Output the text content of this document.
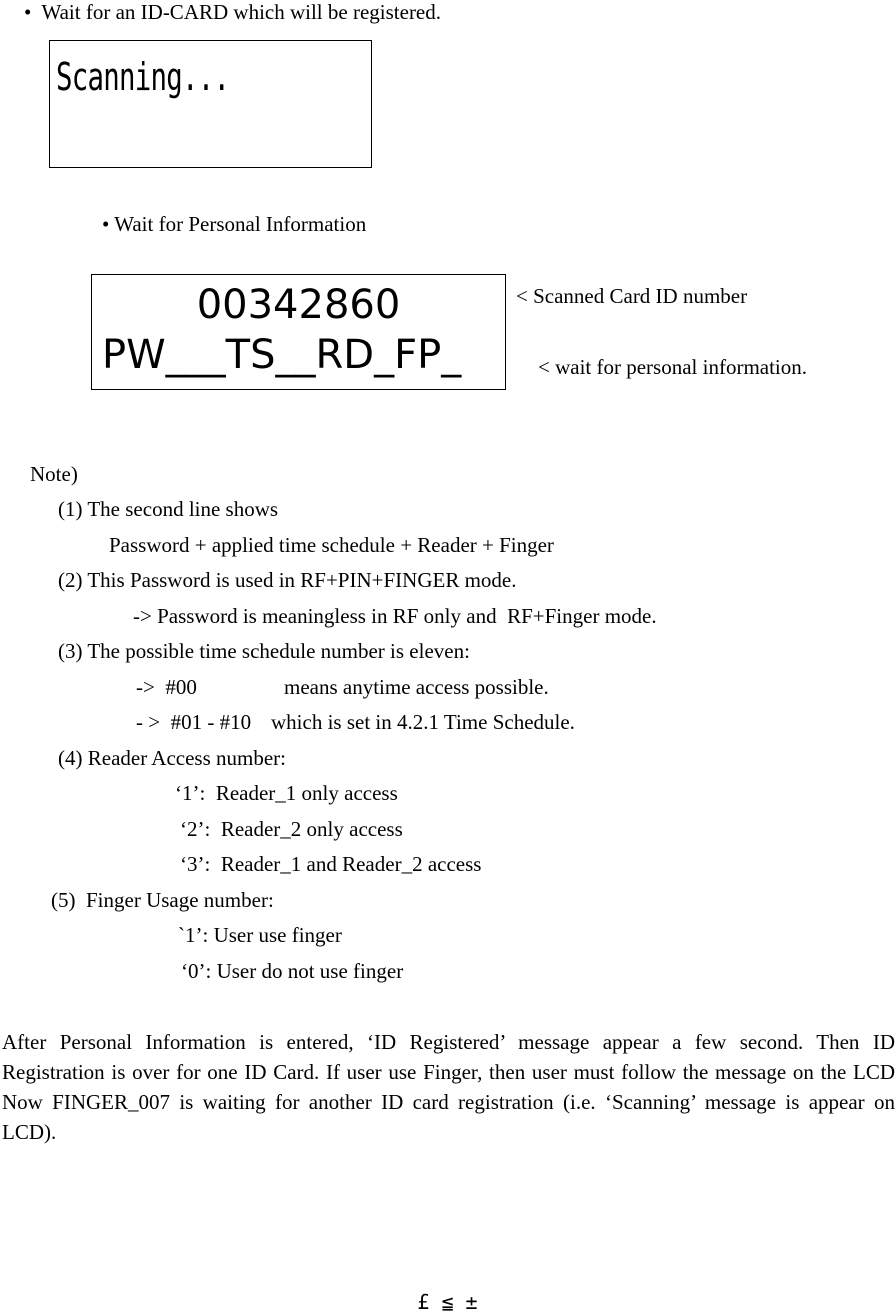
•  Wait for an ID-CARD which will be registered.
Scanning...
• Wait for Personal Information
00342860
PW___TS__RD_FP_
< Scanned Card ID number
< wait for personal information.
Note)
(1) The second line shows
Password + applied time schedule + Reader + Finger
(2) This Password is used in RF+PIN+FINGER mode.
-> Password is meaningless in RF only and  RF+Finger mode.
(3) The possible time schedule number is eleven:
->  #00	means anytime access possible.
- >  #01 - #10 which is set in 4.2.1 Time Schedule.
(4) Reader Access number:
‘1’:  Reader_1 only access
‘2’:  Reader_2 only access
‘3’:  Reader_1 and Reader_2 access
(5)  Finger Usage number:
`1’: User use finger
‘0’: User do not use finger
After Personal Information is entered, ‘ID Registered’ message appear a few second. Then ID Registration is over for one ID Card. If user use Finger, then user must follow the message on the LCD Now FINGER_007 is waiting for another ID card registration (i.e. ‘Scanning’ message is appear on LCD).
£ ≦ ±
